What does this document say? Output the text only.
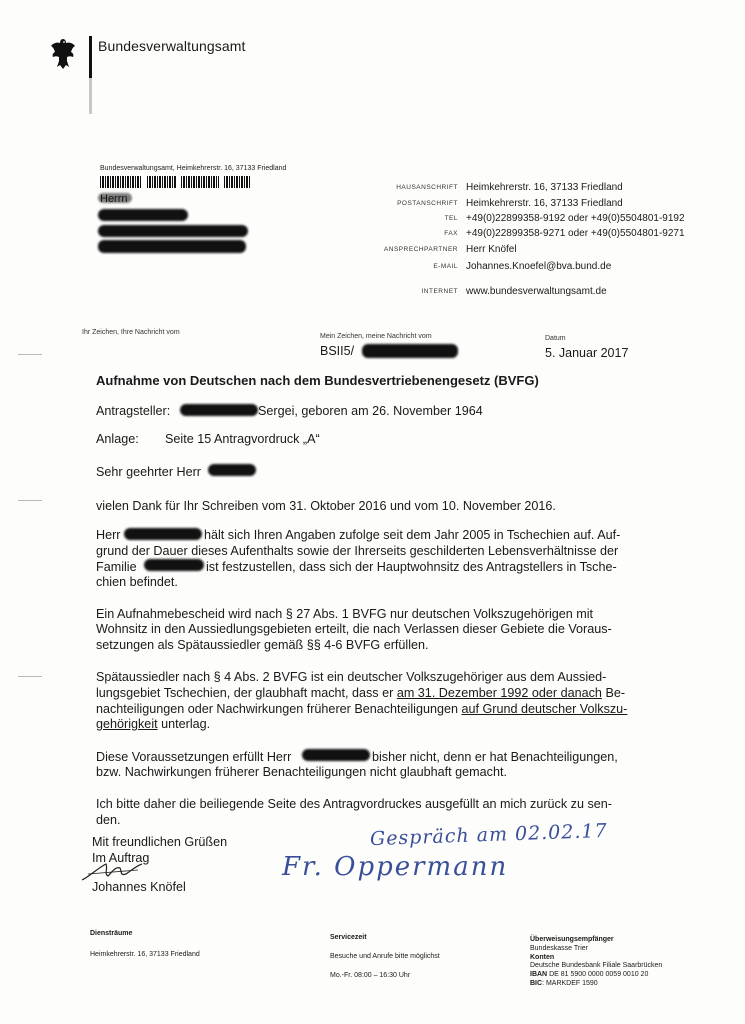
Bundesverwaltungsamt
Bundesverwaltungsamt, Heimkehrerstr. 16, 37133 Friedland
HAUSANSCHRIFT Heimkehrerstr. 16, 37133 Friedland
POSTANSCHRIFT Heimkehrerstr. 16, 37133 Friedland
TEL +49(0)22899358-9192 oder +49(0)5504801-9192
FAX +49(0)22899358-9271 oder +49(0)5504801-9271
ANSPRECHPARTNER Herr Knöfel
E-MAIL Johannes.Knoefel@bva.bund.de
INTERNET www.bundesverwaltungsamt.de
Ihr Zeichen, Ihre Nachricht vom
Mein Zeichen, meine Nachricht vom
BSII5/
Datum
5. Januar 2017
Aufnahme von Deutschen nach dem Bundesvertriebenengesetz (BVFG)
Antragsteller:	Sergei, geboren am 26. November 1964
Anlage: Seite 15 Antragvordruck „A“
Sehr geehrter Herr
vielen Dank für Ihr Schreiben vom 31. Oktober 2016 und vom 10. November 2016.
Herr	hält sich Ihren Angaben zufolge seit dem Jahr 2005 in Tschechien auf. Auf-
grund der Dauer dieses Aufenthalts sowie der Ihrerseits geschilderten Lebensverhältnisse der
Familie	ist festzustellen, dass sich der Hauptwohnsitz des Antragstellers in Tsche-
chien befindet.
Ein Aufnahmebescheid wird nach § 27 Abs. 1 BVFG nur deutschen Volkszugehörigen mit
Wohnsitz in den Aussiedlungsgebieten erteilt, die nach Verlassen dieser Gebiete die Voraus-
setzungen als Spätaussiedler gemäß §§ 4-6 BVFG erfüllen.
Spätaussiedler nach § 4 Abs. 2 BVFG ist ein deutscher Volkszugehöriger aus dem Aussied-
lungsgebiet Tschechien, der glaubhaft macht, dass er am 31. Dezember 1992 oder danach Be-
nachteiligungen oder Nachwirkungen früherer Benachteiligungen auf Grund deutscher Volkszu-
gehörigkeit unterlag.
Diese Voraussetzungen erfüllt Herr	bisher nicht, denn er hat Benachteiligungen,
bzw. Nachwirkungen früherer Benachteiligungen nicht glaubhaft gemacht.
Ich bitte daher die beiliegende Seite des Antragvordruckes ausgefüllt an mich zurück zu sen-
den.
Mit freundlichen Grüßen
Im Auftrag
Johannes Knöfel
Gespräch am 02.02.17
Fr. Oppermann
Diensträume
Heimkehrerstr. 16, 37133 Friedland
Servicezeit
Besuche und Anrufe bitte möglichst
Mo.-Fr. 08:00 – 16:30 Uhr
Überweisungsempfänger
Bundeskasse Trier
Konten
Deutsche Bundesbank Filiale Saarbrücken
IBAN DE 81 5900 0000 0059 0010 20
BIC: MARKDEF 1590
